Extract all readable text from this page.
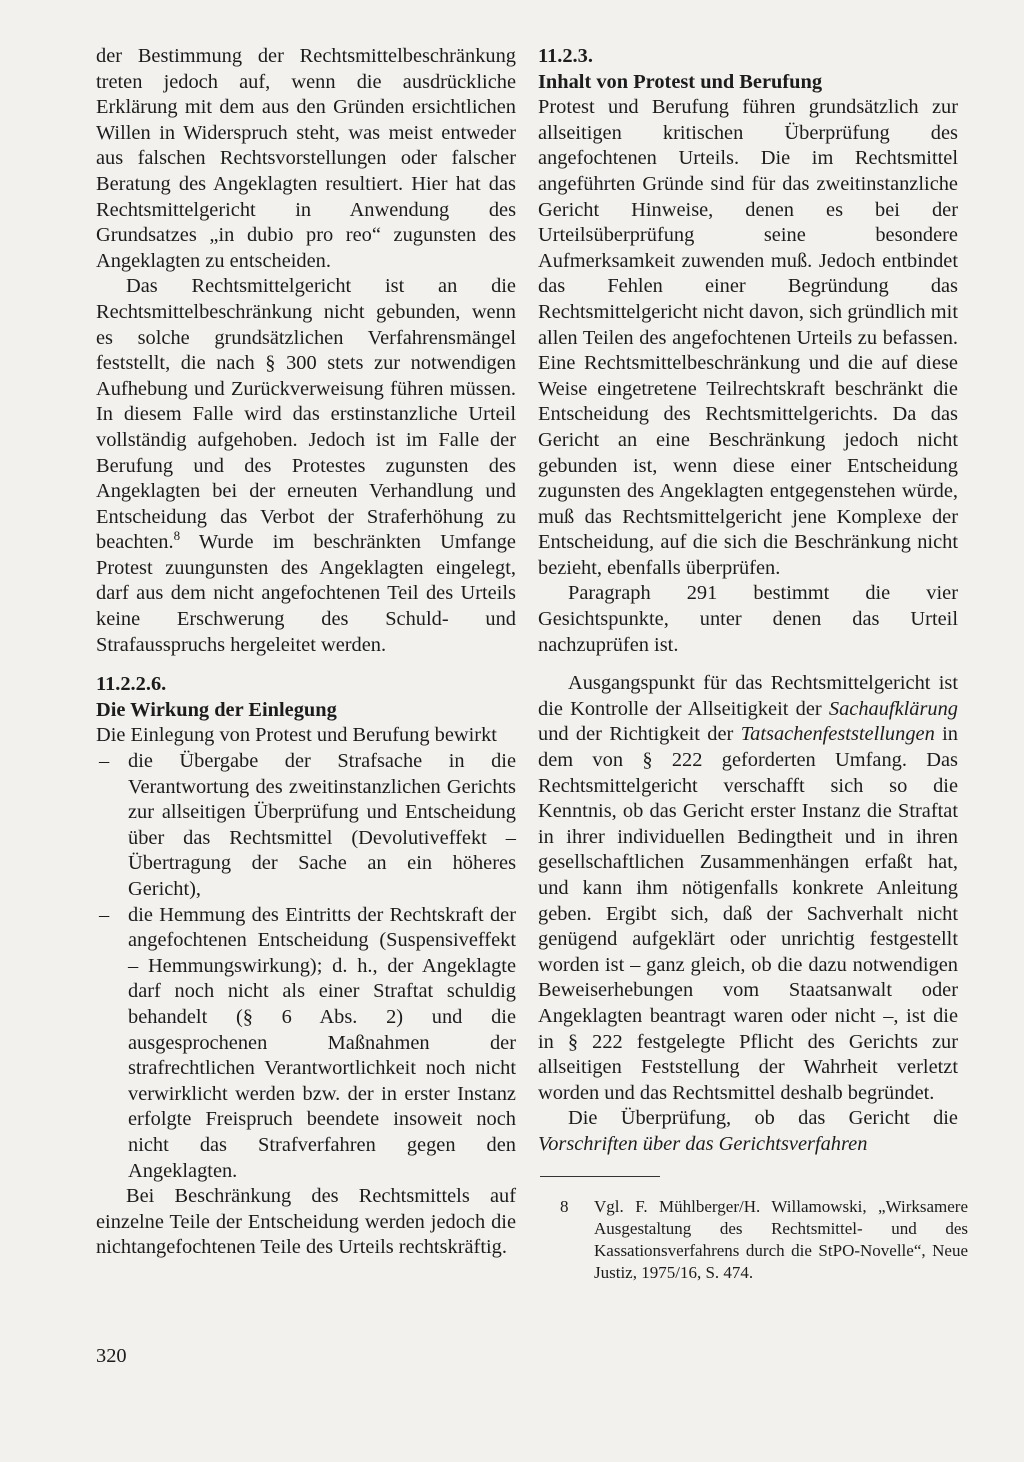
der Bestimmung der Rechtsmittelbeschränkung treten jedoch auf, wenn die ausdrückliche Erklärung mit dem aus den Gründen ersichtlichen Willen in Widerspruch steht, was meist entweder aus falschen Rechtsvorstellungen oder falscher Beratung des Angeklagten resultiert. Hier hat das Rechtsmittelgericht in Anwendung des Grundsatzes „in dubio pro reo“ zugunsten des Angeklagten zu entscheiden.

Das Rechtsmittelgericht ist an die Rechtsmittelbeschränkung nicht gebunden, wenn es solche grundsätzlichen Verfahrensmängel feststellt, die nach § 300 stets zur notwendigen Aufhebung und Zurückverweisung führen müssen. In diesem Falle wird das erstinstanzliche Urteil vollständig aufgehoben. Jedoch ist im Falle der Berufung und des Protestes zugunsten des Angeklagten bei der erneuten Verhandlung und Entscheidung das Verbot der Straferhöhung zu beachten.$^8$ Wurde im beschränkten Umfange Protest zuungunsten des Angeklagten eingelegt, darf aus dem nicht angefochtenen Teil des Urteils keine Erschwerung des Schuld- und Strafausspruchs hergeleitet werden.

11.2.2.6.

Die Wirkung der Einlegung

Die Einlegung von Protest und Berufung bewirkt

– die Übergabe der Strafsache in die Verantwortung des zweitinstanzlichen Gerichts zur allseitigen Überprüfung und Entscheidung über das Rechtsmittel (Devolutiveffekt – Übertragung der Sache an ein höheres Gericht),
– die Hemmung des Eintritts der Rechtskraft der angefochtenen Entscheidung (Suspensiveffekt – Hemmungswirkung); d. h., der Angeklagte darf noch nicht als einer Straftat schuldig behandelt (§ 6 Abs. 2) und die ausgesprochenen Maßnahmen der strafrechtlichen Verantwortlichkeit noch nicht verwirklicht werden bzw. der in erster Instanz erfolgte Freispruch beendete insoweit noch nicht das Strafverfahren gegen den Angeklagten.

Bei Beschränkung des Rechtsmittels auf einzelne Teile der Entscheidung werden jedoch die nichtangefochtenen Teile des Urteils rechtskräftig.

11.2.3.

Inhalt von Protest und Berufung

Protest und Berufung führen grundsätzlich zur allseitigen kritischen Überprüfung des angefochtenen Urteils. Die im Rechtsmittel angeführten Gründe sind für das zweitinstanzliche Gericht Hinweise, denen es bei der Urteilsüberprüfung seine besondere Aufmerksamkeit zuwenden muß. Jedoch entbindet das Fehlen einer Begründung das Rechtsmittelgericht nicht davon, sich gründlich mit allen Teilen des angefochtenen Urteils zu befassen. Eine Rechtsmittelbeschränkung und die auf diese Weise eingetretene Teilrechtskraft beschränkt die Entscheidung des Rechtsmittelgerichts. Da das Gericht an eine Beschränkung jedoch nicht gebunden ist, wenn diese einer Entscheidung zugunsten des Angeklagten entgegenstehen würde, muß das Rechtsmittelgericht jene Komplexe der Entscheidung, auf die sich die Beschränkung nicht bezieht, ebenfalls überprüfen.

Paragraph 291 bestimmt die vier Gesichtspunkte, unter denen das Urteil nachzuprüfen ist.

Ausgangspunkt für das Rechtsmittelgericht ist die Kontrolle der Allseitigkeit der Sachaufklärung und der Richtigkeit der Tatsachenfeststellungen in dem von § 222 geforderten Umfang. Das Rechtsmittelgericht verschafft sich so die Kenntnis, ob das Gericht erster Instanz die Straftat in ihrer individuellen Bedingtheit und in ihren gesellschaftlichen Zusammenhängen erfaßt hat, und kann ihm nötigenfalls konkrete Anleitung geben. Ergibt sich, daß der Sachverhalt nicht genügend aufgeklärt oder unrichtig festgestellt worden ist – ganz gleich, ob die dazu notwendigen Beweiserhebungen vom Staatsanwalt oder Angeklagten beantragt waren oder nicht –, ist die in § 222 festgelegte Pflicht des Gerichts zur allseitigen Feststellung der Wahrheit verletzt worden und das Rechtsmittel deshalb begründet.

Die Überprüfung, ob das Gericht die Vorschriften über das Gerichtsverfahren

8	Vgl. F. Mühlberger/H. Willamowski, „Wirksamere Ausgestaltung des Rechtsmittel- und des Kassationsverfahrens durch die StPO-Novelle“, Neue Justiz, 1975/16, S. 474.
320
